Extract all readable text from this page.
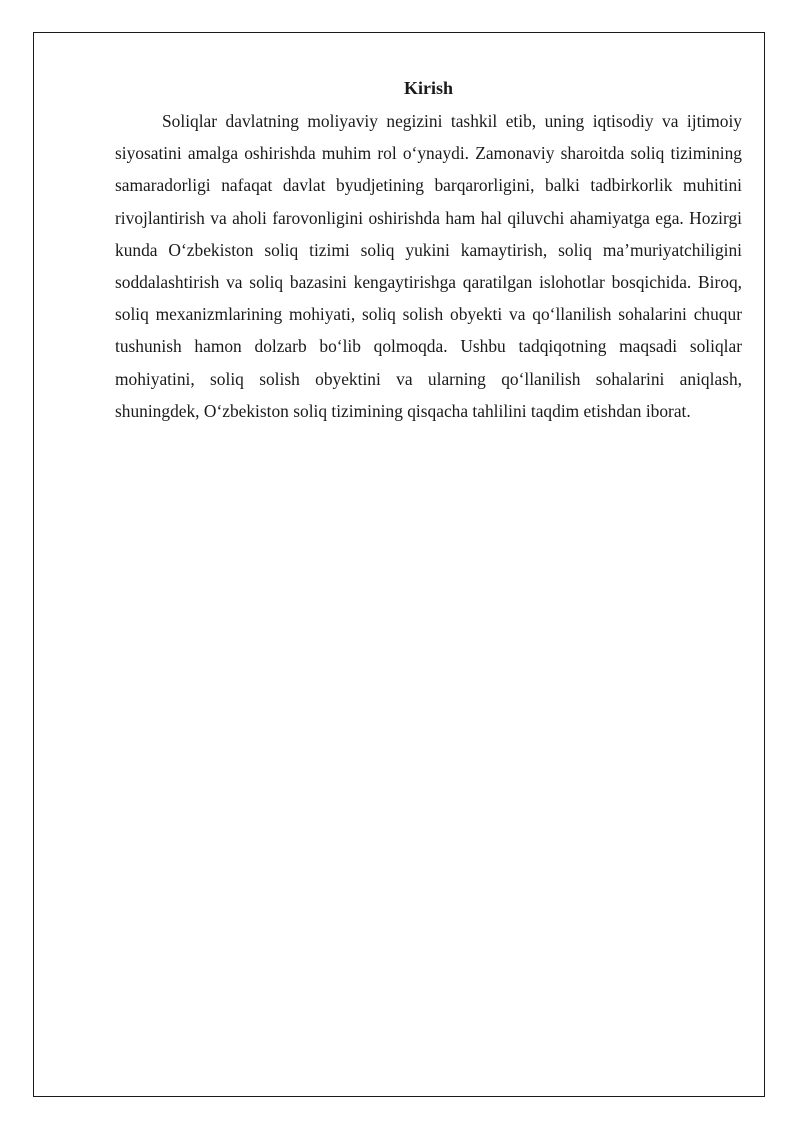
Kirish

Soliqlar davlatning moliyaviy negizini tashkil etib, uning iqtisodiy va ijtimoiy siyosatini amalga oshirishda muhim rol o‘ynaydi. Zamonaviy sharoitda soliq tizimining samaradorligi nafaqat davlat byudjetining barqarorligini, balki tadbirkorlik muhitini rivojlantirish va aholi farovonligini oshirishda ham hal qiluvchi ahamiyatga ega. Hozirgi kunda O‘zbekiston soliq tizimi soliq yukini kamaytirish, soliq ma’muriyatchiligini soddalashtirish va soliq bazasini kengaytirishga qaratilgan islohotlar bosqichida. Biroq, soliq mexanizmlarining mohiyati, soliq solish obyekti va qo‘llanilish sohalarini chuqur tushunish hamon dolzarb bo‘lib qolmoqda. Ushbu tadqiqotning maqsadi soliqlar mohiyatini, soliq solish obyektini va ularning qo‘llanilish sohalarini aniqlash, shuningdek, O‘zbekiston soliq tizimining qisqacha tahlilini taqdim etishdan iborat.
